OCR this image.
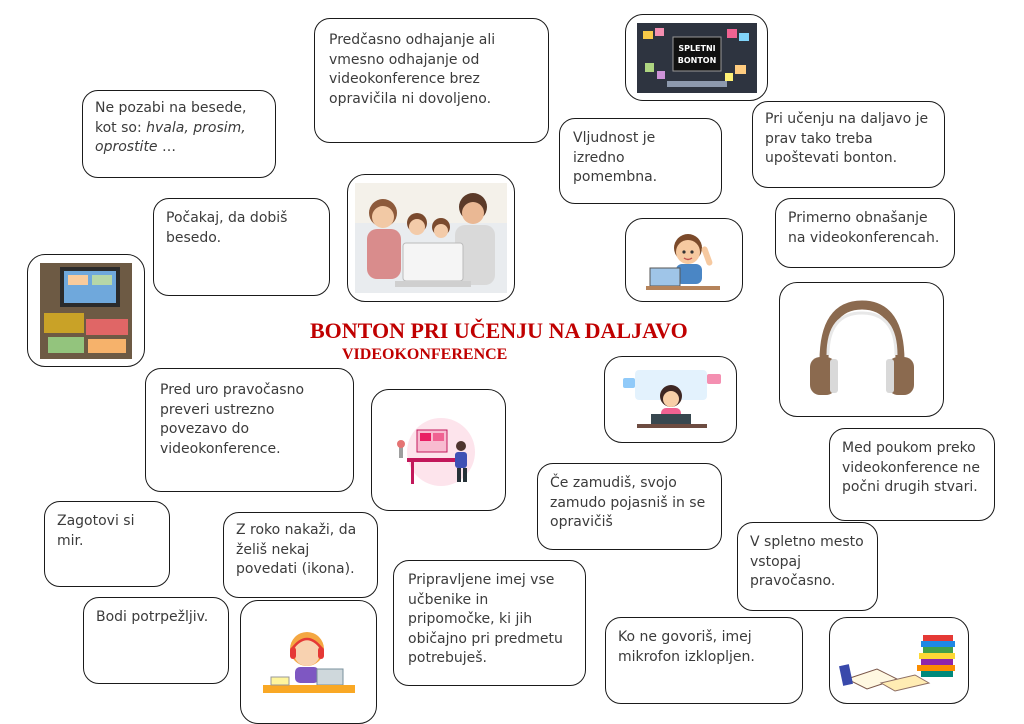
BONTON PRI UČENJU NA DALJAVO
VIDEOKONFERENCE
Predčasno odhajanje ali vmesno odhajanje od videokonference brez opravičila ni dovoljeno.
Ne pozabi na besede, kot so: hvala, prosim, oprostite …
Vljudnost je izredno pomembna.
Pri učenju na daljavo je prav tako treba upoštevati bonton.
Počakaj, da dobiš besedo.
Primerno obnašanje na videokonferencah.
Pred uro pravočasno preveri ustrezno povezavo do videokonference.	Med poukom preko videokonference ne počni drugih stvari.
Če zamudiš, svojo zamudo pojasniš in se opravičiš
Zagotovi si mir.
Z roko nakaži, da želiš nekaj povedati (ikona).
V spletno mesto vstopaj pravočasno.
Pripravljene imej vse učbenike in pripomočke, ki jih običajno pri predmetu potrebuješ.
Bodi potrpežljiv.
Ko ne govoriš, imej mikrofon izklopljen.
SPLETNI
BONTON
